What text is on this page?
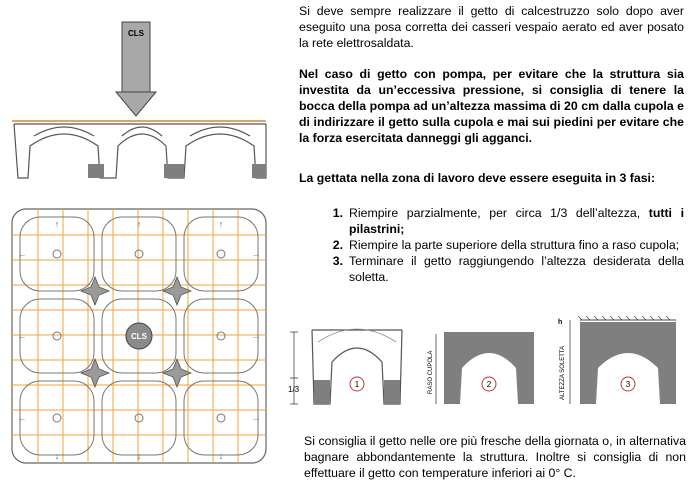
Si deve sempre realizzare il getto di calcestruzzo solo dopo aver eseguito una posa corretta dei casseri vespaio aerato ed aver posato la rete elettrosaldata.

Nel caso di getto con pompa, per evitare che la struttura sia investita da un’eccessiva pressione, si consiglia di tenere la bocca della pompa ad un’altezza massima di 20 cm dalla cupola e di indirizzare il getto sulla cupola e mai sui piedini per evitare che la forza esercitata danneggi gli agganci.

La gettata nella zona di lavoro deve essere eseguita in 3 fasi:

1. Riempire parzialmente, per circa 1/3 dell’altezza, tutti i pilastrini;
2. Riempire la parte superiore della struttura fino a raso cupola;
3. Terminare il getto raggiungendo l’altezza desiderata della soletta.

Si consiglia il getto nelle ore più fresche della giornata o, in alternativa bagnare abbondantemente la struttura. Inoltre si consiglia di non effettuare il getto con temperature inferiori ai 0° C.

CLS
↑
↑	↑
↓
↓	↓
←	→
←	→
←	→
CLS
1/3
1	RASO CUPOLA	2
h
ALTEZZA SOLETTA	3
